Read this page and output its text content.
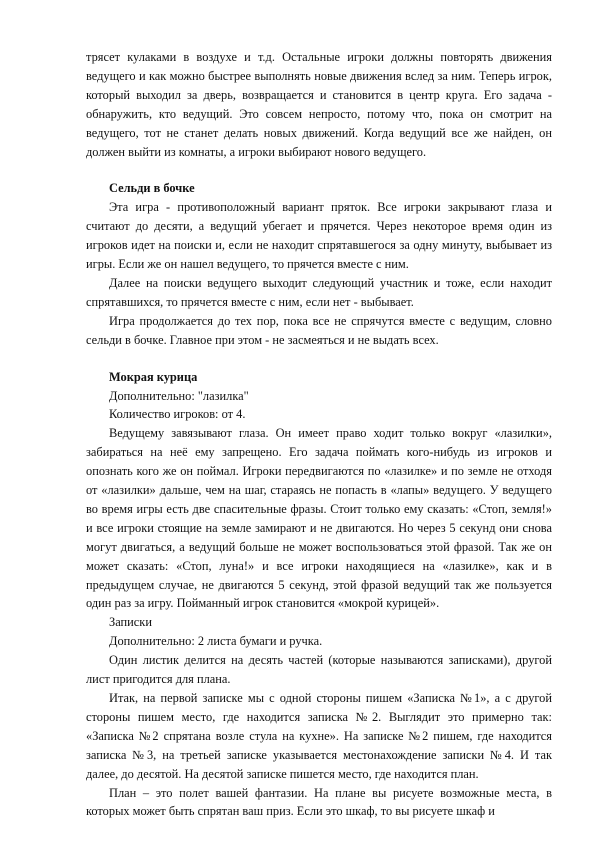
трясет кулаками в воздухе и т.д. Остальные игроки должны повторять движения ведущего и как можно быстрее выполнять новые движения вслед за ним. Теперь игрок, который выходил за дверь, возвращается и становится в центр круга. Его задача - обнаружить, кто ведущий. Это совсем непросто, потому что, пока он смотрит на ведущего, тот не станет делать новых движений. Когда ведущий все же найден, он должен выйти из комнаты, а игроки выбирают нового ведущего.

Сельди в бочке

Эта игра - противоположный вариант пряток. Все игроки закрывают глаза и считают до десяти, а ведущий убегает и прячется. Через некоторое время один из игроков идет на поиски и, если не находит спрятавшегося за одну минуту, выбывает из игры. Если же он нашел ведущего, то прячется вместе с ним.

Далее на поиски ведущего выходит следующий участник и тоже, если находит спрятавшихся, то прячется вместе с ним, если нет - выбывает.

Игра продолжается до тех пор, пока все не спрячутся вместе с ведущим, словно сельди в бочке. Главное при этом - не засмеяться и не выдать всех.

Мокрая курица

Дополнительно: "лазилка"

Количество игроков: от 4.

Ведущему завязывают глаза. Он имеет право ходит только вокруг «лазилки», забираться на неё ему запрещено. Его задача поймать кого-нибудь из игроков и опознать кого же он поймал. Игроки передвигаются по «лазилке» и по земле не отходя от «лазилки» дальше, чем на шаг, стараясь не попасть в «лапы» ведущего. У ведущего во время игры есть две спасительные фразы. Стоит только ему сказать: «Стоп, земля!» и все игроки стоящие на земле замирают и не двигаются. Но через 5 секунд они снова могут двигаться, а ведущий больше не может воспользоваться этой фразой. Так же он может сказать: «Стоп, луна!» и все игроки находящиеся на «лазилке», как и в предыдущем случае, не двигаются 5 секунд, этой фразой ведущий так же пользуется один раз за игру. Пойманный игрок становится «мокрой курицей».

Записки

Дополнительно: 2 листа бумаги и ручка.

Один листик делится на десять частей (которые называются записками), другой лист пригодится для плана.

Итак, на первой записке мы с одной стороны пишем «Записка №1», а с другой стороны пишем место, где находится записка №2. Выглядит это примерно так: «Записка №2 спрятана возле стула на кухне». На записке №2 пишем, где находится записка №3, на третьей записке указывается местонахождение записки №4. И так далее, до десятой. На десятой записке пишется место, где находится план.

План – это полет вашей фантазии. На плане вы рисуете возможные места, в которых может быть спрятан ваш приз. Если это шкаф, то вы рисуете шкаф и
